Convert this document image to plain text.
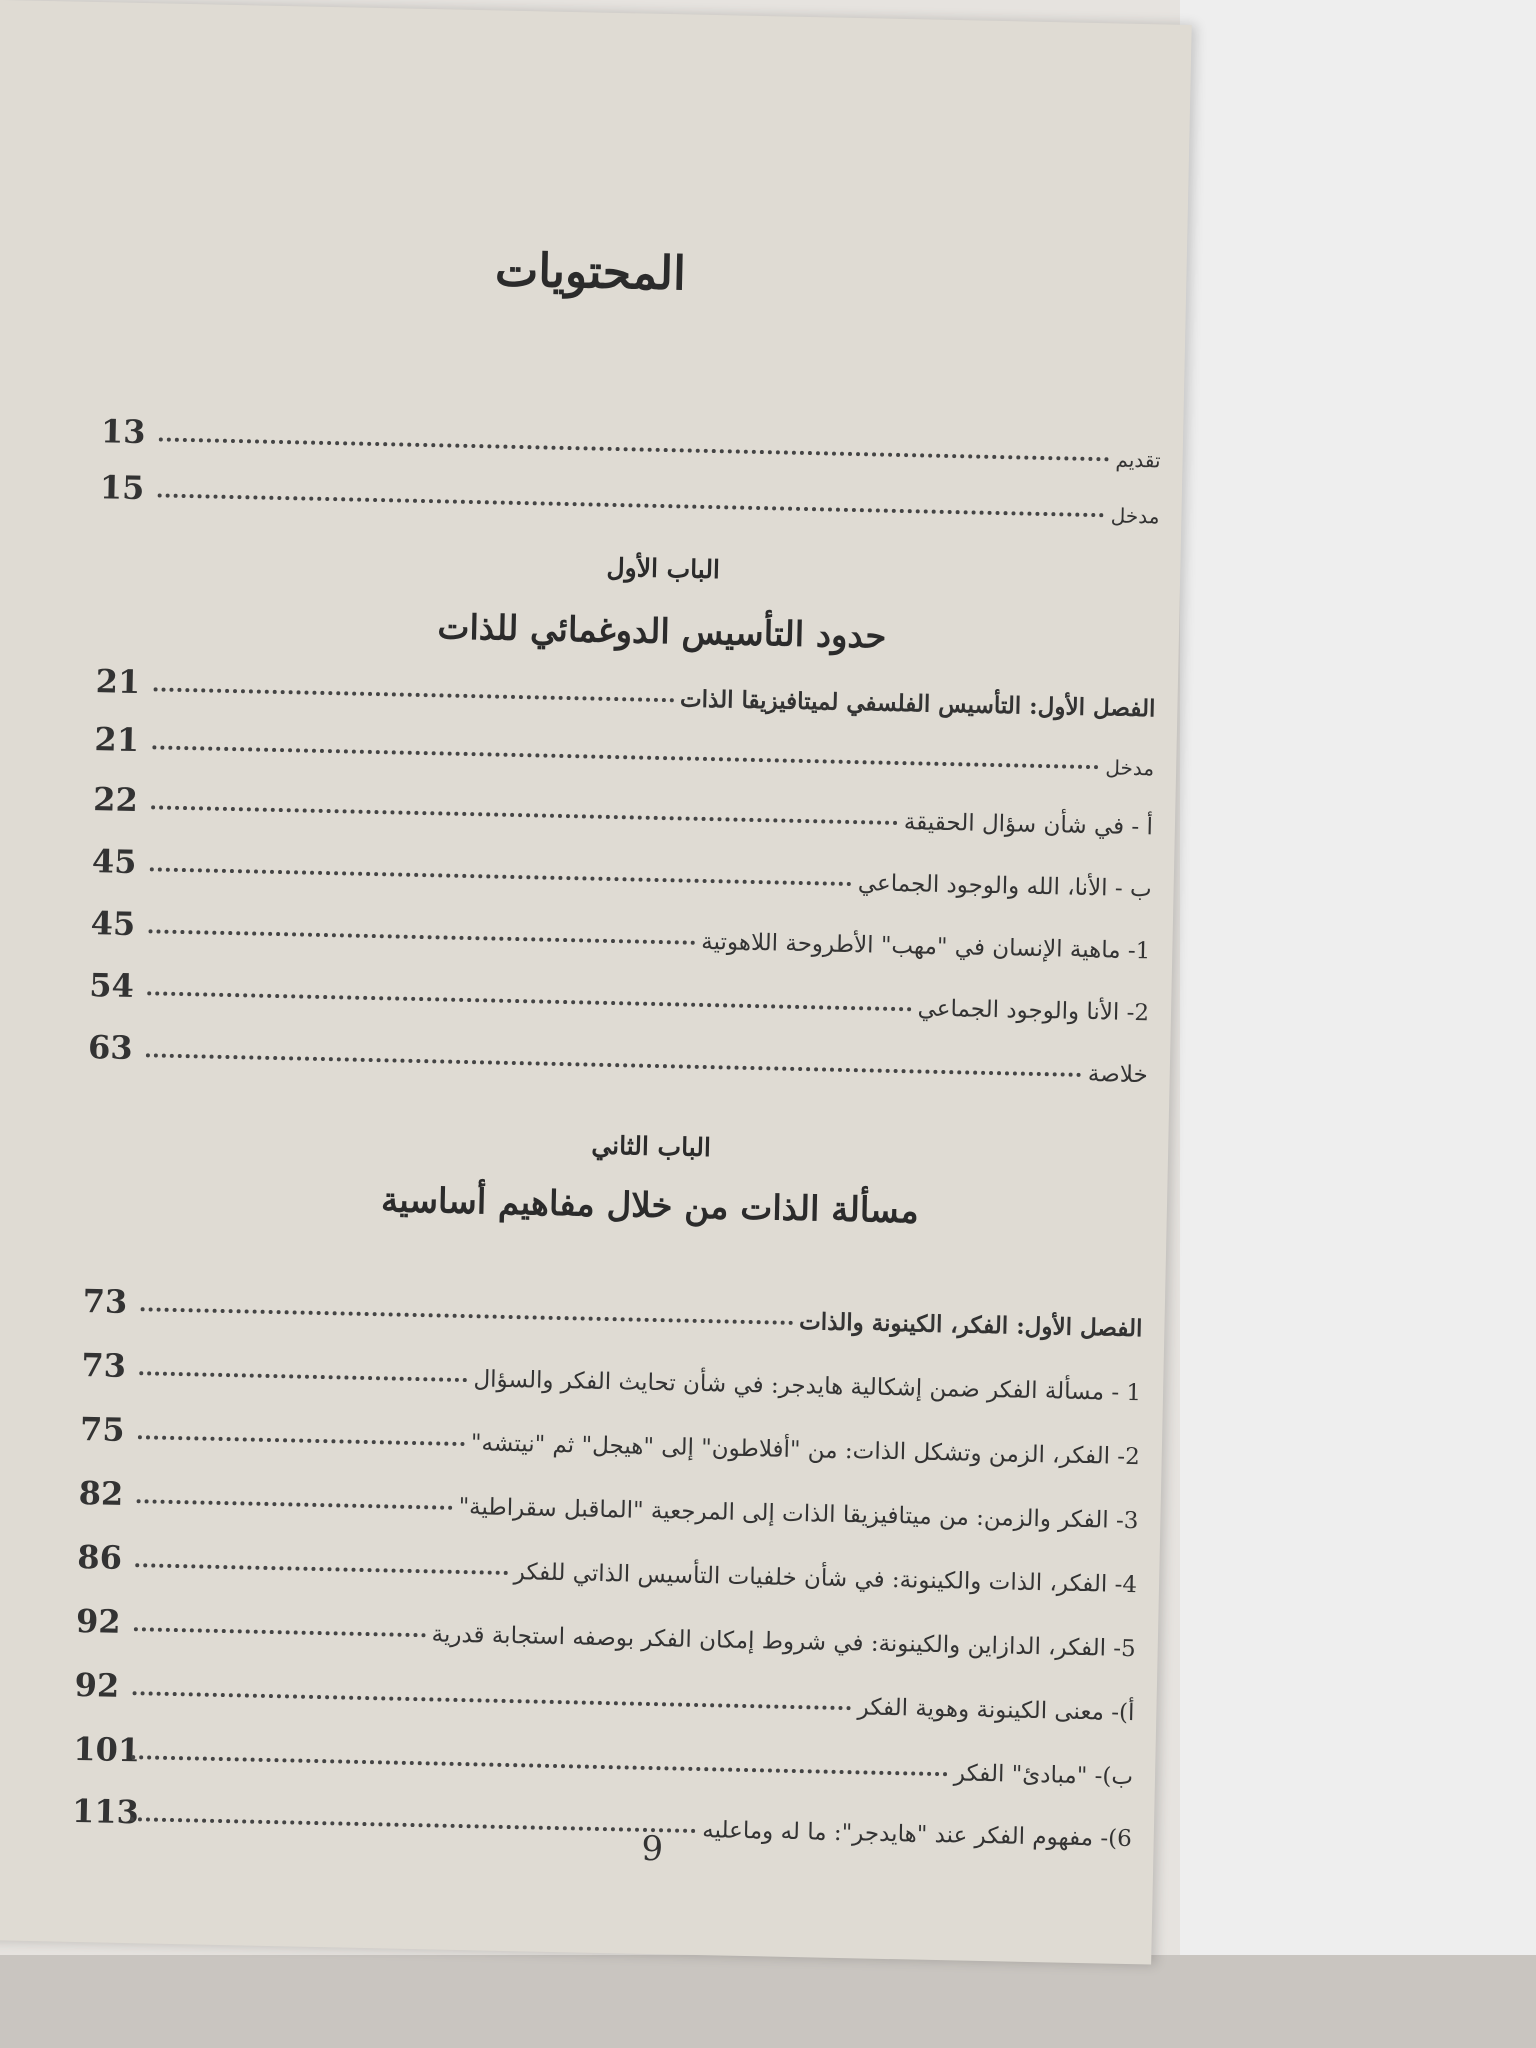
المحتويات
13
تقديم
15
مدخل
الباب الأول
حدود التأسيس الدوغمائي للذات
21
الفصل الأول: التأسيس الفلسفي لميتافيزيقا الذات
21
مدخل
22
أ - في شأن سؤال الحقيقة
45
ب - الأنا، الله والوجود الجماعي
45
1- ماهية الإنسان في "مهب" الأطروحة اللاهوتية
54
2- الأنا والوجود الجماعي
63
خلاصة
الباب الثاني
مسألة الذات من خلال مفاهيم أساسية
73
الفصل الأول: الفكر، الكينونة والذات
73
1 - مسألة الفكر ضمن إشكالية هايدجر: في شأن تحايث الفكر والسؤال
75
2- الفكر، الزمن وتشكل الذات: من "أفلاطون" إلى "هيجل" ثم "نيتشه"
82
3- الفكر والزمن: من ميتافيزيقا الذات إلى المرجعية "الماقبل سقراطية"
86
4- الفكر، الذات والكينونة: في شأن خلفيات التأسيس الذاتي للفكر
92	5- الفكر، الدازاين والكينونة: في شروط إمكان الفكر بوصفه استجابة قدرية
92
أ)- معنى الكينونة وهوية الفكر
101
ب)- "مبادئ" الفكر
113
6)- مفهوم الفكر عند "هايدجر": ما له وماعليه
9
